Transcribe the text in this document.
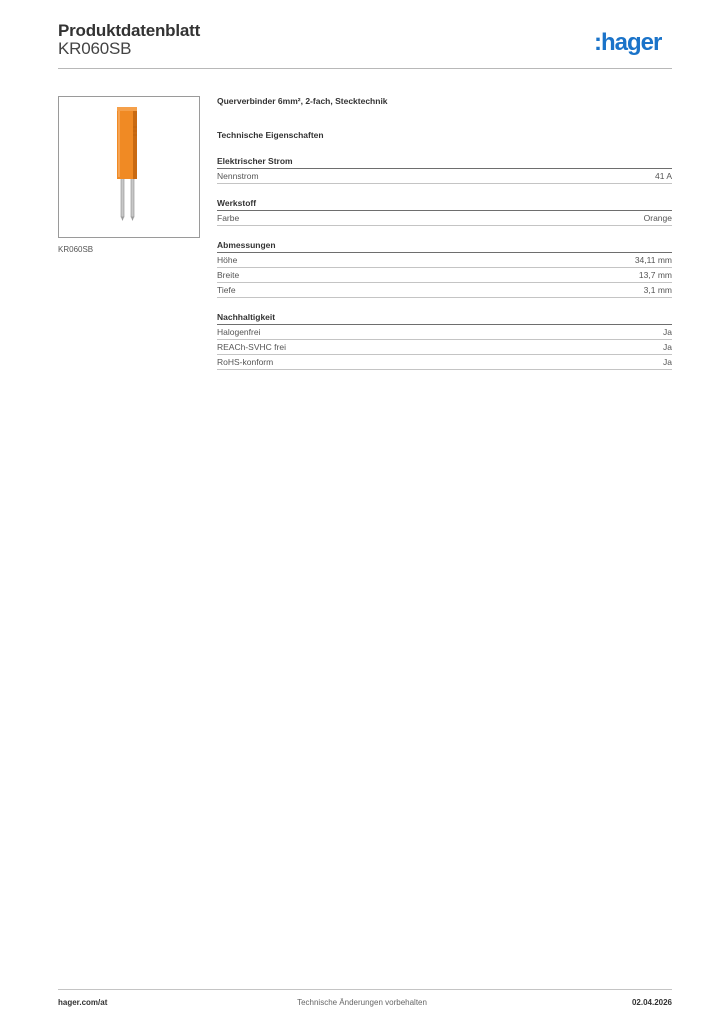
Produktdatenblatt
KR060SB	:hager
KR060SB
Querverbinder 6mm², 2-fach, Stecktechnik
Technische Eigenschaften
Elektrischer Strom
Nennstrom	41 A
Werkstoff
Farbe	Orange
Abmessungen
Höhe	34,11 mm
Breite	13,7 mm
Tiefe	3,1 mm
Nachhaltigkeit
Halogenfrei	Ja
REACh-SVHC frei	Ja
RoHS-konform	Ja
hager.com/at	Technische Änderungen vorbehalten	02.04.2026
